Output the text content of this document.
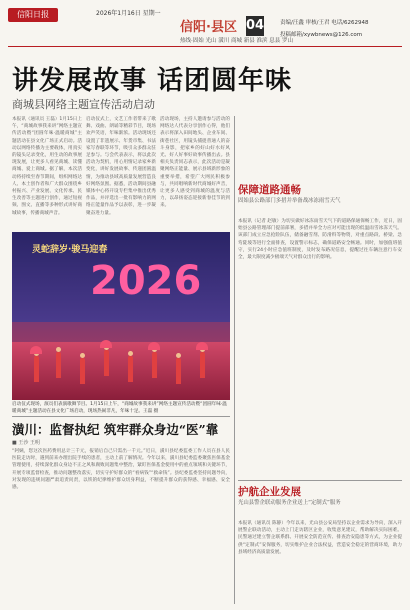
信阳日报	2026年1月16日 星期一
信阳·县区
热线·固始 光山 潢川 商城 新县 淮滨 息县 罗山
04	责编/汪鑫 审核/王君 电话/6262948
投稿邮箱/xywbnews@126.com
讲发展故事 话团圆年味
商城县网络主题宣传活动启动

本报讯（通讯员 王磊）1月15日上午，“商城故事我来讲”网络主题宣传活动暨“团圆年味·温暖商城”主题活动在县文化广场正式启动。活动以网络传播为主要载体，用真实的镜头记录变化，用生动的故事展现发展，让更多人看见商城、读懂商城、爱上商城。据了解，本次活动将持续至春节期间，组织网络达人、本土创作者和广大群众围绕乡村振兴、产业发展、文化传承、民生改善等主题进行创作，通过短视频、图文、直播等多种形式讲好商城故事，传播商城声音。

启动仪式上，文艺工作者带来了歌舞、戏曲、朗诵等精彩节目，现场欢声笑语，年味渐浓。活动现场还设置了非遗展示、年货市集、书法家写春联等环节，吸引众多群众驻足参与。与会代表表示，将以此次活动为契机，用心用情记录家乡新变化，讲好发展故事、传递团圆温情，为推动县域高质量发展营造良好网络氛围。据悉，活动期间县融媒体中心将开设专栏集中推出优秀作品，并评选出一批有影响力的网络正能量作品予以表彰，进一步凝聚奋进力量。

活动现场，主持人邀请参与活动的网络达人代表分享创作心得，他们表示将深入田间地头、企业车间、街巷社区，用镜头捕捉普通人的奋斗身影，把家乡的好山好水好风光、好人好事好故事传播出去。县相关负责同志表示，此次活动是凝聚网络正能量、展示县域新形象的重要举措，希望广大网民积极参与，共同唱响新时代商城好声音，让更多人感受到商城的温度与活力，以昂扬姿态迎接新春佳节的到来。

灵蛇辞岁·骏马迎春
2026
启动仪式现场，演员们表演歌舞节目。1月15日上午，“商城故事我来讲”网络主题宣传活动暨“团圆年味·温暖商城”主题活动在县文化广场启动，现场热闹非凡，年味十足。王磊 摄
保障道路通畅
固始县公路部门多措并举备战冰冻雨雪天气

本报讯（记者 赵敏）为切实做好冰冻雨雪天气下的道路保通保畅工作，近日，固始县公路管理部门提前部署，多措并举全力应对可能出现的低温雨雪冰冻天气。该部门成立应急抢险队伍，储备融雪剂、防滑料等物资，对重点路段、桥梁、急弯陡坡等进行全面排查，设置警示标志，确保道路安全畅通。同时，加强值班值守，实行24小时应急值班制度，及时发布路况信息，提醒过往车辆注意行车安全，最大限度减少极端天气对群众出行的影响。

护航企业发展
光山县警企联动服务企业送上“定制式”服务

本报讯（通讯员 陈静）今年以来，光山县公安局坚持以企业需求为导向，深入开展警企联动活动，主动上门走访辖区企业，收集意见建议，帮助解决实际困难。民警通过建立警企联系群、开展安全防范宣传、排查治安隐患等方式，为企业提供“定制式”安保服务，切实维护企业合法权益，营造安全稳定的营商环境，助力县域经济高质量发展。

潢川：监督执纪 筑牢群众身边“医”靠
■ 王沙 王明

“阿姨，您这次医药费用总计三千元，报销后自己只需出一千元。”近日，潢川县纪委监委工作人员在县人民医院走访时，遇到前来办理出院手续的患者，主动上前了解情况。今年以来，潢川县纪委监委聚焦医保基金管理使用，持续深化群众身边不正之风和腐败问题集中整治，紧盯医保基金使用中的重点领域和关键环节，开展专项监督检查，推动问题整改落实，切实守护好群众的“看病钱”“救命钱”。县纪委监委坚持问题导向，对发现的违规问题严肃追责问责，以铁的纪律维护群众切身利益，不断提升群众的获得感、幸福感、安全感。
